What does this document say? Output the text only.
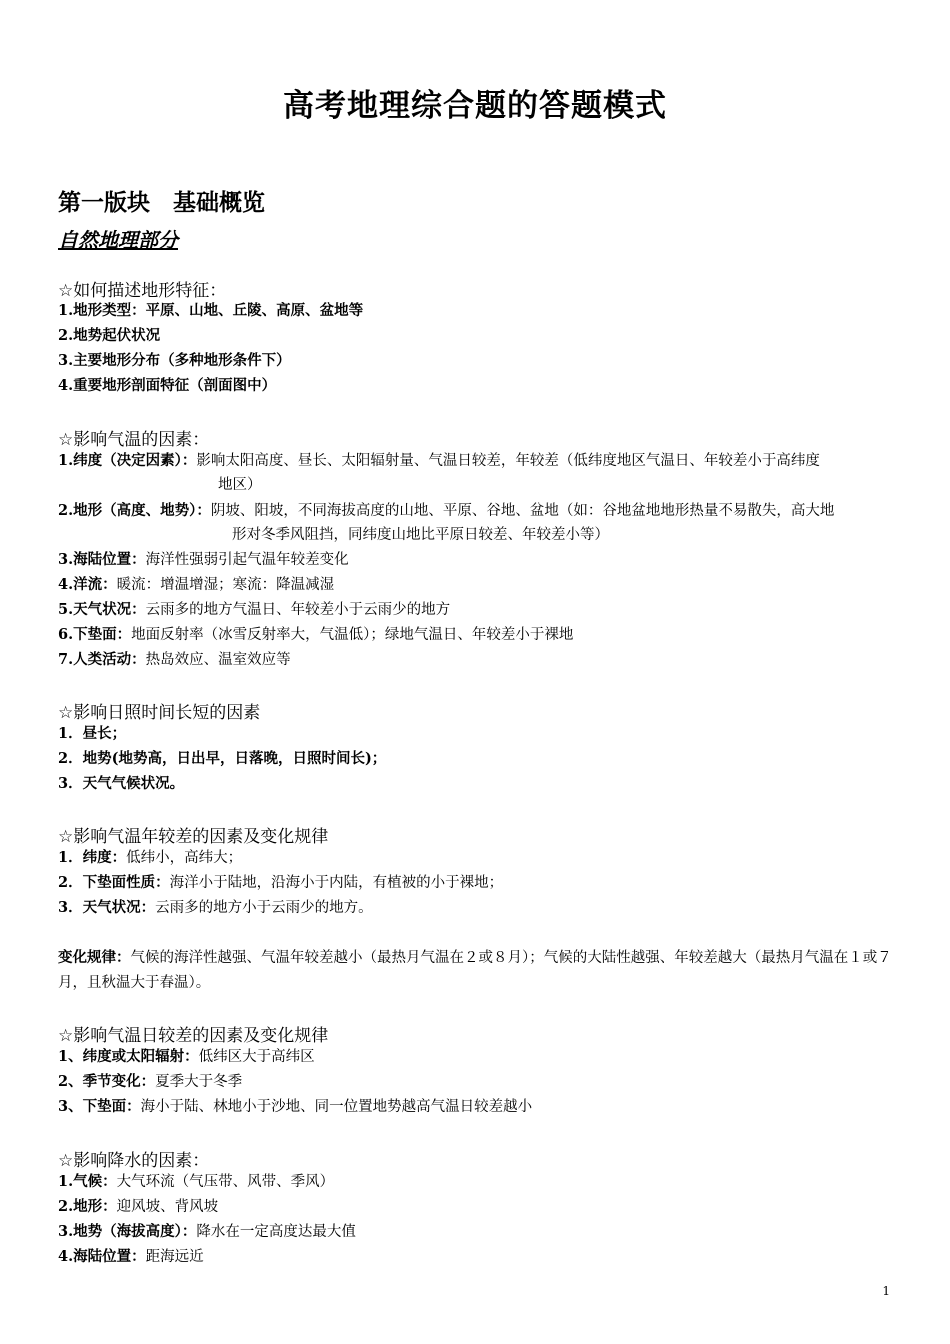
高考地理综合题的答题模式
第一版块　基础概览
自然地理部分
☆如何描述地形特征：
1.地形类型：平原、山地、丘陵、高原、盆地等
2.地势起伏状况
3.主要地形分布（多种地形条件下）
4.重要地形剖面特征（剖面图中）
☆影响气温的因素：
1.纬度（决定因素）：影响太阳高度、昼长、太阳辐射量、气温日较差，年较差（低纬度地区气温日、年较差小于高纬度
地区）
2.地形（高度、地势）：阴坡、阳坡，不同海拔高度的山地、平原、谷地、盆地（如：谷地盆地地形热量不易散失，高大地
形对冬季风阻挡，同纬度山地比平原日较差、年较差小等）
3.海陆位置：海洋性强弱引起气温年较差变化
4.洋流：暖流：增温增湿；寒流：降温减湿
5.天气状况：云雨多的地方气温日、年较差小于云雨少的地方
6.下垫面：地面反射率（冰雪反射率大，气温低）；绿地气温日、年较差小于裸地
7.人类活动：热岛效应、温室效应等
☆影响日照时间长短的因素
1．昼长；
2．地势(地势高，日出早，日落晚，日照时间长)；
3．天气气候状况。
☆影响气温年较差的因素及变化规律
1．纬度：低纬小，高纬大；
2．下垫面性质：海洋小于陆地，沿海小于内陆，有植被的小于裸地；
3．天气状况：云雨多的地方小于云雨少的地方。
变化规律：气候的海洋性越强、气温年较差越小（最热月气温在２或８月）；气候的大陆性越强、年较差越大（最热月气温在１或７月，且秋温大于春温）。
☆影响气温日较差的因素及变化规律
1、纬度或太阳辐射：低纬区大于高纬区
2、季节变化：夏季大于冬季
3、下垫面：海小于陆、林地小于沙地、同一位置地势越高气温日较差越小
☆影响降水的因素：
1.气候：大气环流（气压带、风带、季风）
2.地形：迎风坡、背风坡
3.地势（海拔高度）：降水在一定高度达最大值
4.海陆位置：距海远近
1
